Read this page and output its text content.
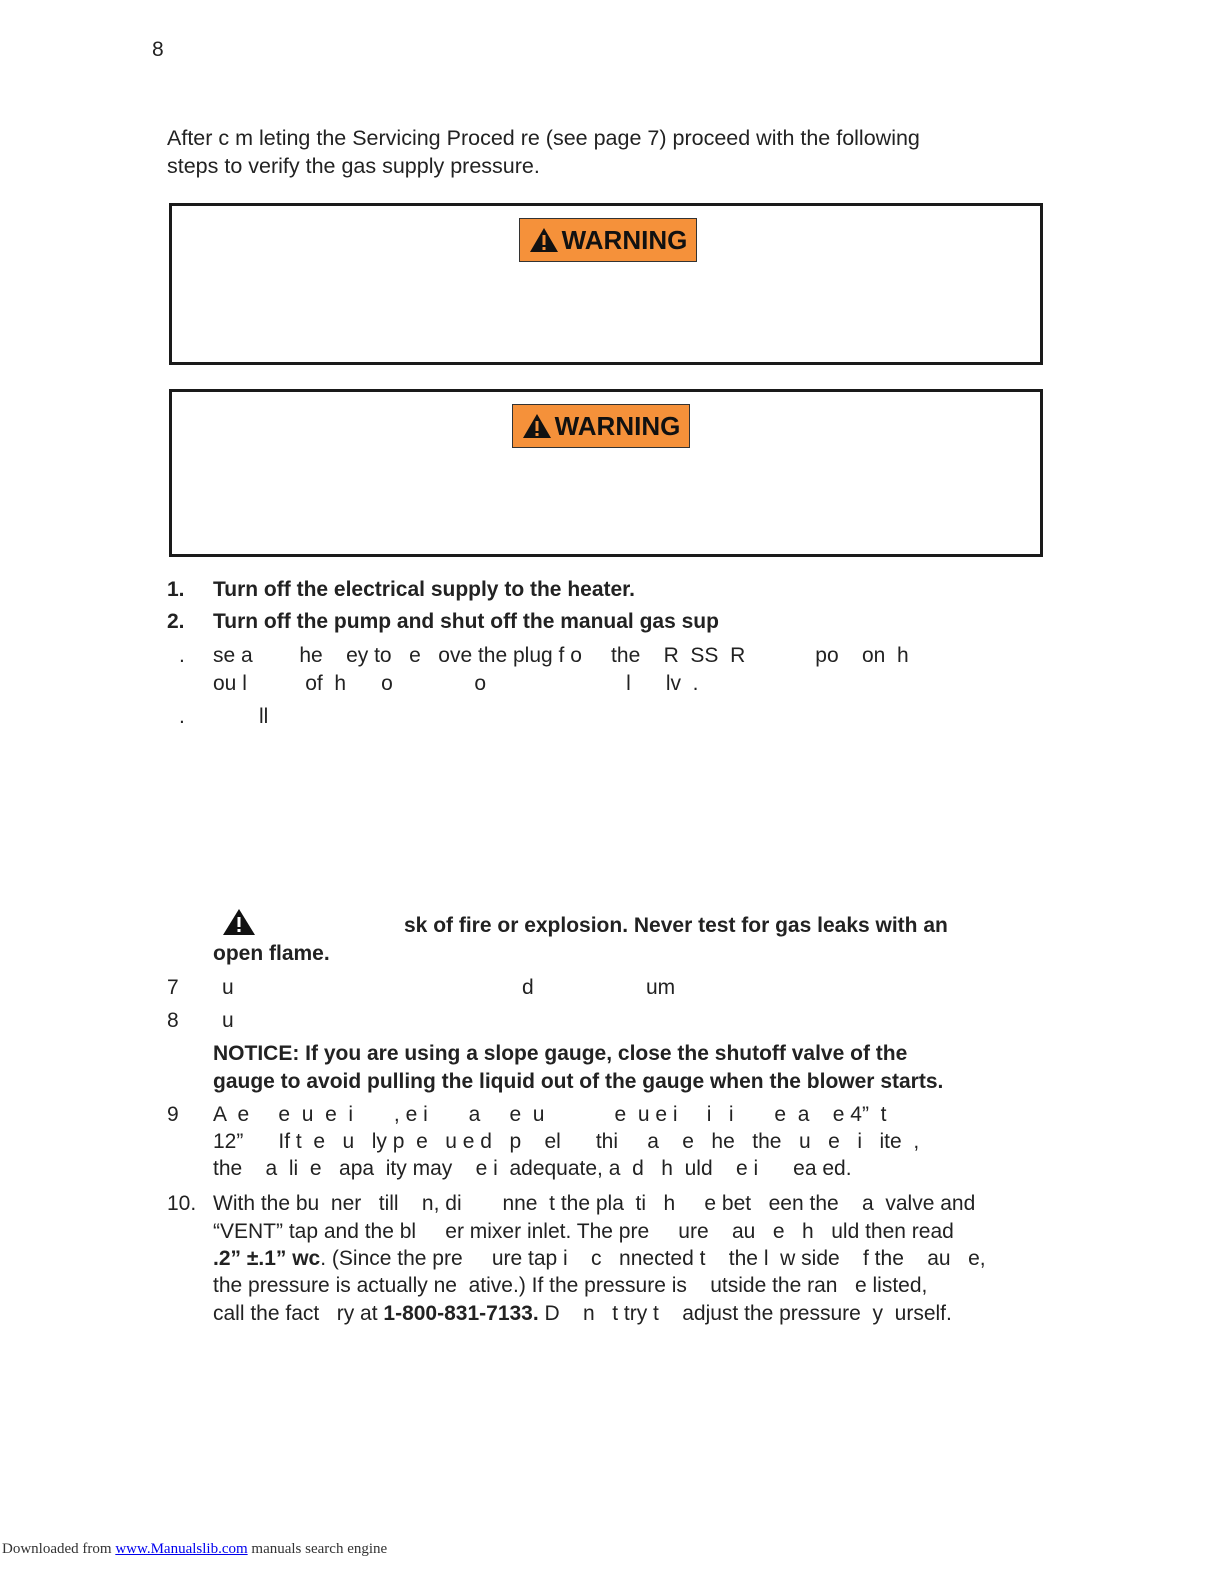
8
After c m leting the Servicing Proced re (see page 7) proceed with the following
steps to verify the gas supply pressure.
WARNING
WARNING
1. Turn off the electrical supply to the heater.
2. Turn off the pump and shut off the manual gas sup
. se a        he    ey to   e   ove the plug f o     the    R  SS  R            po    on  h
ou l          of  h      o              o                        l      lv  .
.	ll
sk of fire or explosion. Never test for gas leaks with an
open flame.
7 u	d	um
8 u
NOTICE: If you are using a slope gauge, close the shutoff valve of the
gauge to avoid pulling the liquid out of the gauge when the blower starts.
9 A  e     e  u  e  i       , e i       a     e  u            e  u e i     i   i       e  a    e 4”  t
12”      If t  e   u   ly p  e   u e d   p    el      thi     a    e   he   the   u   e   i   ite  ,
the    a  li  e   apa  ity may    e i  adequate, a  d   h  uld    e i      ea ed.
10. With the bu  ner   till    n, di       nne  t the pla  ti   h     e bet   een the    a  valve and
“VENT” tap and the bl     er mixer inlet. The pre     ure    au   e   h   uld then read
.2” ±.1” wc. (Since the pre     ure tap i    c   nnected t    the l  w side    f the    au   e,
the pressure is actually ne  ative.) If the pressure is    utside the ran   e listed,
call the fact   ry at 1-800-831-7133. D    n   t try t    adjust the pressure  y  urself.
Downloaded from www.Manualslib.com manuals search engine
